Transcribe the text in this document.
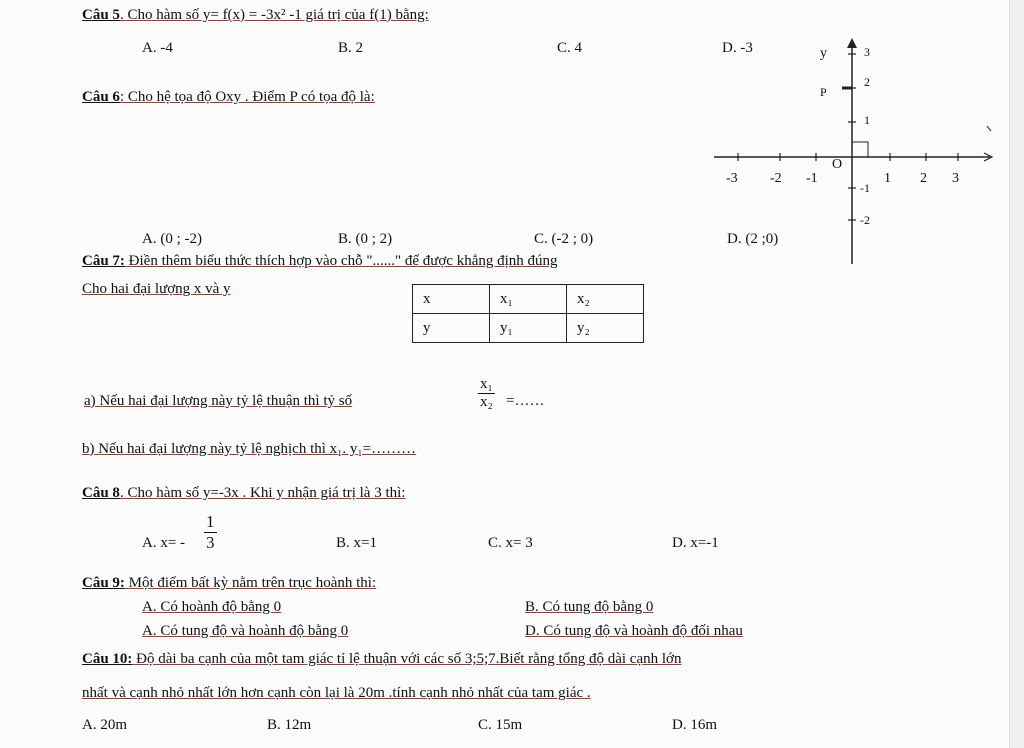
Câu 5. Cho hàm số y= f(x) = -3x² -1 giá trị của f(1) bằng:
A. -4	B. 2	C. 4	D. -3
Câu 6: Cho hệ tọa độ Oxy . Điểm P có tọa độ là:
y
P
O
-3 -2 -1	1 2 3
3
2
1
-1
-2
A. (0 ; -2)	B. (0 ; 2)	C. (-2 ; 0)	D. (2 ;0)
Câu 7: Điền thêm biểu thức thích hợp vào chỗ "......" để được khẳng định đúng
Cho hai đại lượng x và y
x	x₁	x₂
y	y₁	y₂
a) Nếu hai đại lượng này tỷ lệ thuận thì tỷ số	$\frac{\text{x₁}}{\text{x₂}}$ =……
b) Nếu hai đại lượng này tỷ lệ nghịch thì x₁. y₁=………
Câu 8. Cho hàm số y=-3x . Khi y nhận giá trị là 3 thì:
A. $x= - \frac{1}{3}$	B. x=1	C. x= 3	D. x=-1
Câu 9: Một điểm bất kỳ nằm trên trục hoành thì:
A. Có hoành độ bằng 0	B. Có tung độ bằng 0
A. Có tung độ và hoành độ bằng 0	D. Có tung độ và hoành độ đối nhau
Câu 10: Độ dài ba cạnh của một tam giác tỉ lệ thuận với các số 3;5;7.Biết rằng tổng độ dài cạnh lớn
nhất và cạnh nhỏ nhất lớn hơn cạnh còn lại là 20m .tính cạnh nhỏ nhất của tam giác .
A. 20m	B. 12m	C. 15m	D. 16m
